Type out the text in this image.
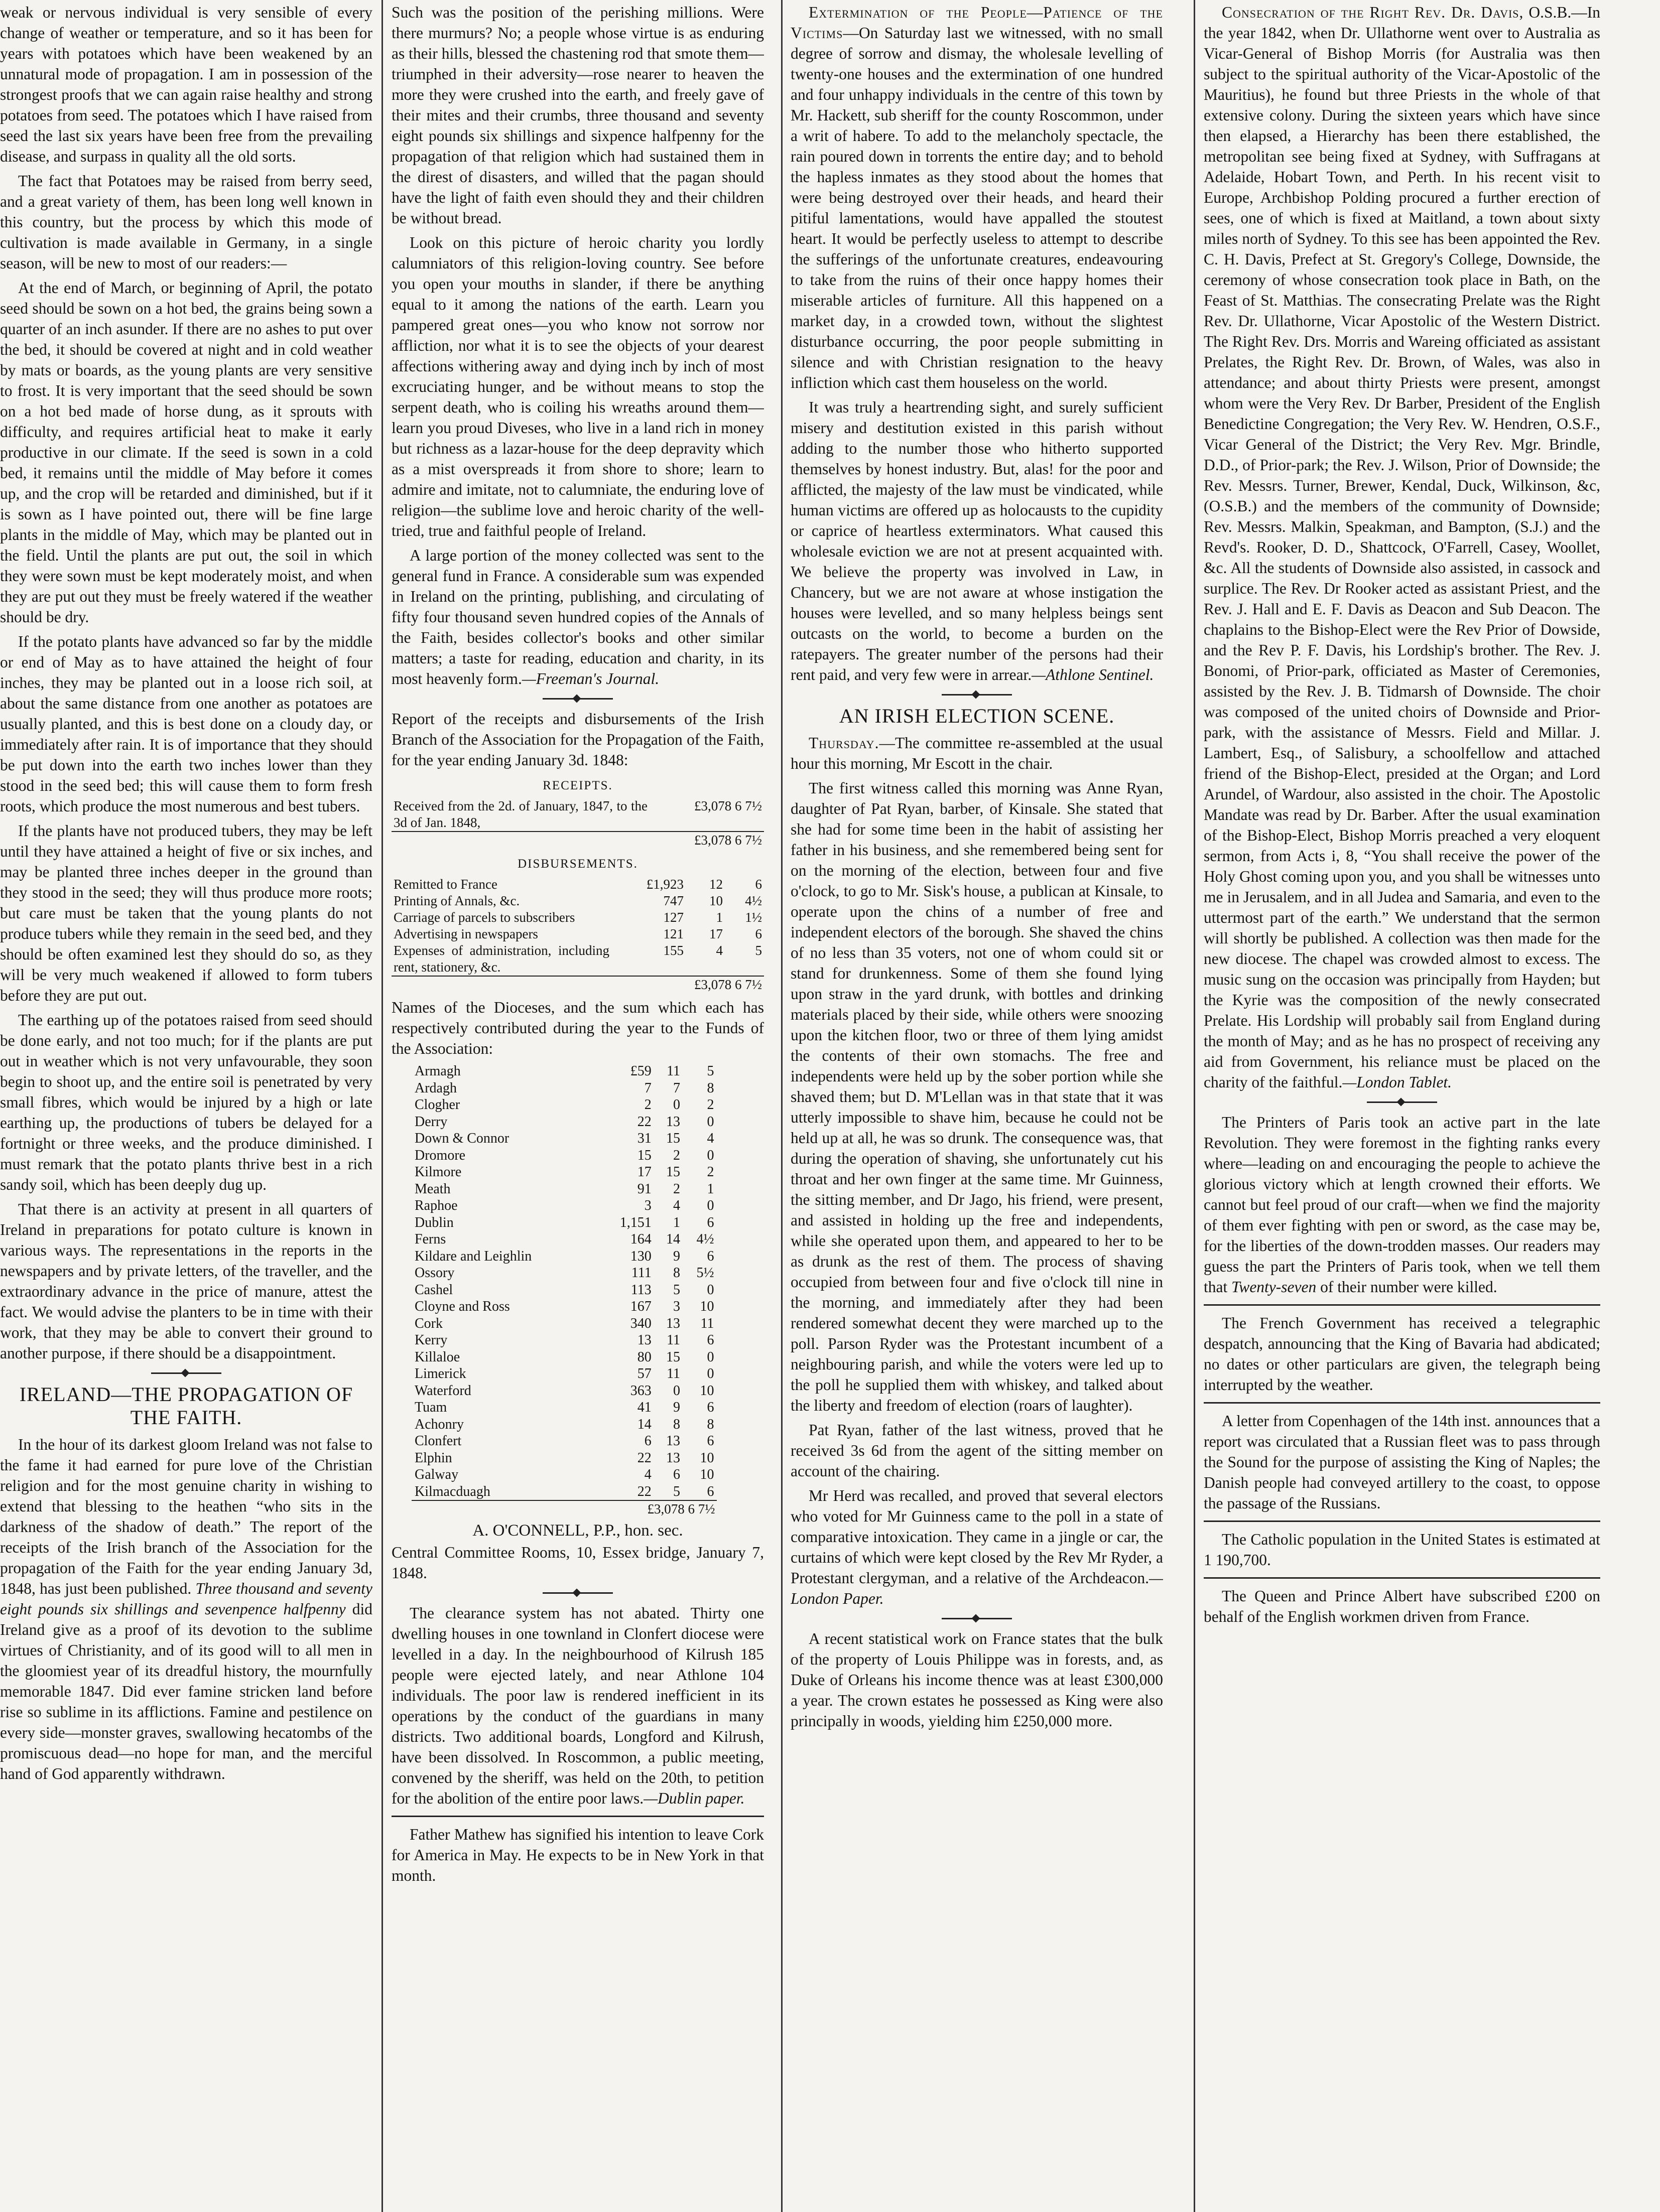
weak or nervous individual is very sensible of every change of weather or temperature, and so it has been for years with potatoes which have been weakened by an unnatural mode of propagation. I am in possession of the strongest proofs that we can again raise healthy and strong potatoes from seed. The potatoes which I have raised from seed the last six years have been free from the prevailing disease, and surpass in quality all the old sorts.

The fact that Potatoes may be raised from berry seed, and a great variety of them, has been long well known in this country, but the process by which this mode of cultivation is made available in Germany, in a single season, will be new to most of our readers:—

At the end of March, or beginning of April, the potato seed should be sown on a hot bed, the grains being sown a quarter of an inch asunder. If there are no ashes to put over the bed, it should be covered at night and in cold weather by mats or boards, as the young plants are very sensitive to frost. It is very important that the seed should be sown on a hot bed made of horse dung, as it sprouts with difficulty, and requires artificial heat to make it early productive in our climate. If the seed is sown in a cold bed, it remains until the middle of May before it comes up, and the crop will be retarded and diminished, but if it is sown as I have pointed out, there will be fine large plants in the middle of May, which may be planted out in the field. Until the plants are put out, the soil in which they were sown must be kept moderately moist, and when they are put out they must be freely watered if the weather should be dry.

If the potato plants have advanced so far by the middle or end of May as to have attained the height of four inches, they may be planted out in a loose rich soil, at about the same distance from one another as potatoes are usually planted, and this is best done on a cloudy day, or immediately after rain. It is of importance that they should be put down into the earth two inches lower than they stood in the seed bed; this will cause them to form fresh roots, which produce the most numerous and best tubers.

If the plants have not produced tubers, they may be left until they have attained a height of five or six inches, and may be planted three inches deeper in the ground than they stood in the seed; they will thus produce more roots; but care must be taken that the young plants do not produce tubers while they remain in the seed bed, and they should be often examined lest they should do so, as they will be very much weakened if allowed to form tubers before they are put out.

The earthing up of the potatoes raised from seed should be done early, and not too much; for if the plants are put out in weather which is not very unfavourable, they soon begin to shoot up, and the entire soil is penetrated by very small fibres, which would be injured by a high or late earthing up, the productions of tubers be delayed for a fortnight or three weeks, and the produce diminished. I must remark that the potato plants thrive best in a rich sandy soil, which has been deeply dug up.

That there is an activity at present in all quarters of Ireland in preparations for potato culture is known in various ways. The representations in the reports in the newspapers and by private letters, of the traveller, and the extraordinary advance in the price of manure, attest the fact. We would advise the planters to be in time with their work, that they may be able to convert their ground to another purpose, if there should be a disappointment.

IRELAND—THE PROPAGATION OF THE FAITH.

In the hour of its darkest gloom Ireland was not false to the fame it had earned for pure love of the Christian religion and for the most genuine charity in wishing to extend that blessing to the heathen “who sits in the darkness of the shadow of death.” The report of the receipts of the Irish branch of the Association for the propagation of the Faith for the year ending January 3d, 1848, has just been published. Three thousand and seventy eight pounds six shillings and sevenpence halfpenny did Ireland give as a proof of its devotion to the sublime virtues of Christianity, and of its good will to all men in the gloomiest year of its dreadful history, the mournfully memorable 1847. Did ever famine stricken land before rise so sublime in its afflictions. Famine and pestilence on every side—monster graves, swallowing hecatombs of the promiscuous dead—no hope for man, and the merciful hand of God apparently withdrawn.

Such was the position of the perishing millions. Were there murmurs? No; a people whose virtue is as enduring as their hills, blessed the chastening rod that smote them—triumphed in their adversity—rose nearer to heaven the more they were crushed into the earth, and freely gave of their mites and their crumbs, three thousand and seventy eight pounds six shillings and sixpence halfpenny for the propagation of that religion which had sustained them in the direst of disasters, and willed that the pagan should have the light of faith even should they and their children be without bread.

Look on this picture of heroic charity you lordly calumniators of this religion-loving country. See before you open your mouths in slander, if there be anything equal to it among the nations of the earth. Learn you pampered great ones—you who know not sorrow nor affliction, nor what it is to see the objects of your dearest affections withering away and dying inch by inch of most excruciating hunger, and be without means to stop the serpent death, who is coiling his wreaths around them—learn you proud Diveses, who live in a land rich in money but richness as a lazar-house for the deep depravity which as a mist overspreads it from shore to shore; learn to admire and imitate, not to calumniate, the enduring love of religion—the sublime love and heroic charity of the well-tried, true and faithful people of Ireland.

A large portion of the money collected was sent to the general fund in France. A considerable sum was expended in Ireland on the printing, publishing, and circulating of fifty four thousand seven hundred copies of the Annals of the Faith, besides collector's books and other similar matters; a taste for reading, education and charity, in its most heavenly form.—Freeman's Journal.

Report of the receipts and disbursements of the Irish Branch of the Association for the Propagation of the Faith, for the year ending January 3d. 1848:

RECEIPTS.
Received from the 2d. of January, 1847, to the 3d of Jan. 1848,	£3,078 6 7½
	£3,078 6 7½
DISBURSEMENTS.
Remitted to France	£1,923	12	6
Printing of Annals, &c.	747	10	4½
Carriage of parcels to subscribers	127	1	1½
Advertising in newspapers	121	17	6
Expenses of administration, including rent, stationery, &c.	155	4	5
	£3,078 6 7½		

Names of the Dioceses, and the sum which each has respectively contributed during the year to the Funds of the Association:

Armagh	£59	11	5
Ardagh	7	7	8
Clogher	2	0	2
Derry	22	13	0
Down & Connor	31	15	4
Dromore	15	2	0
Kilmore	17	15	2
Meath	91	2	1
Raphoe	3	4	0
Dublin	1,151	1	6
Ferns	164	14	4½
Kildare and Leighlin	130	9	6
Ossory	111	8	5½
Cashel	113	5	0
Cloyne and Ross	167	3	10
Cork	340	13	11
Kerry	13	11	6
Killaloe	80	15	0
Limerick	57	11	0
Waterford	363	0	10
Tuam	41	9	6
Achonry	14	8	8
Clonfert	6	13	6
Elphin	22	13	10
Galway	4	6	10
Kilmacduagh	22	5	6
	£3,078 6 7½
A. O'CONNELL, P.P., hon. sec.

Central Committee Rooms, 10, Essex bridge, January 7, 1848.

The clearance system has not abated. Thirty one dwelling houses in one townland in Clonfert diocese were levelled in a day. In the neighbourhood of Kilrush 185 people were ejected lately, and near Athlone 104 individuals. The poor law is rendered inefficient in its operations by the conduct of the guardians in many districts. Two additional boards, Longford and Kilrush, have been dissolved. In Roscommon, a public meeting, convened by the sheriff, was held on the 20th, to petition for the abolition of the entire poor laws.—Dublin paper.

Father Mathew has signified his intention to leave Cork for America in May. He expects to be in New York in that month.

Extermination of the People—Patience of the Victims—On Saturday last we witnessed, with no small degree of sorrow and dismay, the wholesale levelling of twenty-one houses and the extermination of one hundred and four unhappy individuals in the centre of this town by Mr. Hackett, sub sheriff for the county Roscommon, under a writ of habere. To add to the melancholy spectacle, the rain poured down in torrents the entire day; and to behold the hapless inmates as they stood about the homes that were being destroyed over their heads, and heard their pitiful lamentations, would have appalled the stoutest heart. It would be perfectly useless to attempt to describe the sufferings of the unfortunate creatures, endeavouring to take from the ruins of their once happy homes their miserable articles of furniture. All this happened on a market day, in a crowded town, without the slightest disturbance occurring, the poor people submitting in silence and with Christian resignation to the heavy infliction which cast them houseless on the world.

It was truly a heartrending sight, and surely sufficient misery and destitution existed in this parish without adding to the number those who hitherto supported themselves by honest industry. But, alas! for the poor and afflicted, the majesty of the law must be vindicated, while human victims are offered up as holocausts to the cupidity or caprice of heartless exterminators. What caused this wholesale eviction we are not at present acquainted with. We believe the property was involved in Law, in Chancery, but we are not aware at whose instigation the houses were levelled, and so many helpless beings sent outcasts on the world, to become a burden on the ratepayers. The greater number of the persons had their rent paid, and very few were in arrear.—Athlone Sentinel.

AN IRISH ELECTION SCENE.

Thursday.—The committee re-assembled at the usual hour this morning, Mr Escott in the chair.

The first witness called this morning was Anne Ryan, daughter of Pat Ryan, barber, of Kinsale. She stated that she had for some time been in the habit of assisting her father in his business, and she remembered being sent for on the morning of the election, between four and five o'clock, to go to Mr. Sisk's house, a publican at Kinsale, to operate upon the chins of a number of free and independent electors of the borough. She shaved the chins of no less than 35 voters, not one of whom could sit or stand for drunkenness. Some of them she found lying upon straw in the yard drunk, with bottles and drinking materials placed by their side, while others were snoozing upon the kitchen floor, two or three of them lying amidst the contents of their own stomachs. The free and independents were held up by the sober portion while she shaved them; but D. M'Lellan was in that state that it was utterly impossible to shave him, because he could not be held up at all, he was so drunk. The consequence was, that during the operation of shaving, she unfortunately cut his throat and her own finger at the same time. Mr Guinness, the sitting member, and Dr Jago, his friend, were present, and assisted in holding up the free and independents, while she operated upon them, and appeared to her to be as drunk as the rest of them. The process of shaving occupied from between four and five o'clock till nine in the morning, and immediately after they had been rendered somewhat decent they were marched up to the poll. Parson Ryder was the Protestant incumbent of a neighbouring parish, and while the voters were led up to the poll he supplied them with whiskey, and talked about the liberty and freedom of election (roars of laughter).

Pat Ryan, father of the last witness, proved that he received 3s 6d from the agent of the sitting member on account of the chairing.

Mr Herd was recalled, and proved that several electors who voted for Mr Guinness came to the poll in a state of comparative intoxication. They came in a jingle or car, the curtains of which were kept closed by the Rev Mr Ryder, a Protestant clergyman, and a relative of the Archdeacon.—London Paper.

A recent statistical work on France states that the bulk of the property of Louis Philippe was in forests, and, as Duke of Orleans his income thence was at least £300,000 a year. The crown estates he possessed as King were also principally in woods, yielding him £250,000 more.

Consecration of the Right Rev. Dr. Davis, O.S.B.—In the year 1842, when Dr. Ullathorne went over to Australia as Vicar-General of Bishop Morris (for Australia was then subject to the spiritual authority of the Vicar-Apostolic of the Mauritius), he found but three Priests in the whole of that extensive colony. During the sixteen years which have since then elapsed, a Hierarchy has been there established, the metropolitan see being fixed at Sydney, with Suffragans at Adelaide, Hobart Town, and Perth. In his recent visit to Europe, Archbishop Polding procured a further erection of sees, one of which is fixed at Maitland, a town about sixty miles north of Sydney. To this see has been appointed the Rev. C. H. Davis, Prefect at St. Gregory's College, Downside, the ceremony of whose consecration took place in Bath, on the Feast of St. Matthias. The consecrating Prelate was the Right Rev. Dr. Ullathorne, Vicar Apostolic of the Western District. The Right Rev. Drs. Morris and Wareing officiated as assistant Prelates, the Right Rev. Dr. Brown, of Wales, was also in attendance; and about thirty Priests were present, amongst whom were the Very Rev. Dr Barber, President of the English Benedictine Congregation; the Very Rev. W. Hendren, O.S.F., Vicar General of the District; the Very Rev. Mgr. Brindle, D.D., of Prior-park; the Rev. J. Wilson, Prior of Downside; the Rev. Messrs. Turner, Brewer, Kendal, Duck, Wilkinson, &c, (O.S.B.) and the members of the community of Downside; Rev. Messrs. Malkin, Speakman, and Bampton, (S.J.) and the Revd's. Rooker, D. D., Shattcock, O'Farrell, Casey, Woollet, &c. All the students of Downside also assisted, in cassock and surplice. The Rev. Dr Rooker acted as assistant Priest, and the Rev. J. Hall and E. F. Davis as Deacon and Sub Deacon. The chaplains to the Bishop-Elect were the Rev Prior of Dowside, and the Rev P. F. Davis, his Lordship's brother. The Rev. J. Bonomi, of Prior-park, officiated as Master of Ceremonies, assisted by the Rev. J. B. Tidmarsh of Downside. The choir was composed of the united choirs of Downside and Prior-park, with the assistance of Messrs. Field and Millar. J. Lambert, Esq., of Salisbury, a schoolfellow and attached friend of the Bishop-Elect, presided at the Organ; and Lord Arundel, of Wardour, also assisted in the choir. The Apostolic Mandate was read by Dr. Barber. After the usual examination of the Bishop-Elect, Bishop Morris preached a very eloquent sermon, from Acts i, 8, “You shall receive the power of the Holy Ghost coming upon you, and you shall be witnesses unto me in Jerusalem, and in all Judea and Samaria, and even to the uttermost part of the earth.” We understand that the sermon will shortly be published. A collection was then made for the new diocese. The chapel was crowded almost to excess. The music sung on the occasion was principally from Hayden; but the Kyrie was the composition of the newly consecrated Prelate. His Lordship will probably sail from England during the month of May; and as he has no prospect of receiving any aid from Government, his reliance must be placed on the charity of the faithful.—London Tablet.

The Printers of Paris took an active part in the late Revolution. They were foremost in the fighting ranks every where—leading on and encouraging the people to achieve the glorious victory which at length crowned their efforts. We cannot but feel proud of our craft—when we find the majority of them ever fighting with pen or sword, as the case may be, for the liberties of the down-trodden masses. Our readers may guess the part the Printers of Paris took, when we tell them that Twenty-seven of their number were killed.

The French Government has received a telegraphic despatch, announcing that the King of Bavaria had abdicated; no dates or other particulars are given, the telegraph being interrupted by the weather.

A letter from Copenhagen of the 14th inst. announces that a report was circulated that a Russian fleet was to pass through the Sound for the purpose of assisting the King of Naples; the Danish people had conveyed artillery to the coast, to oppose the passage of the Russians.

The Catholic population in the United States is estimated at 1 190,700.

The Queen and Prince Albert have subscribed £200 on behalf of the English workmen driven from France.
